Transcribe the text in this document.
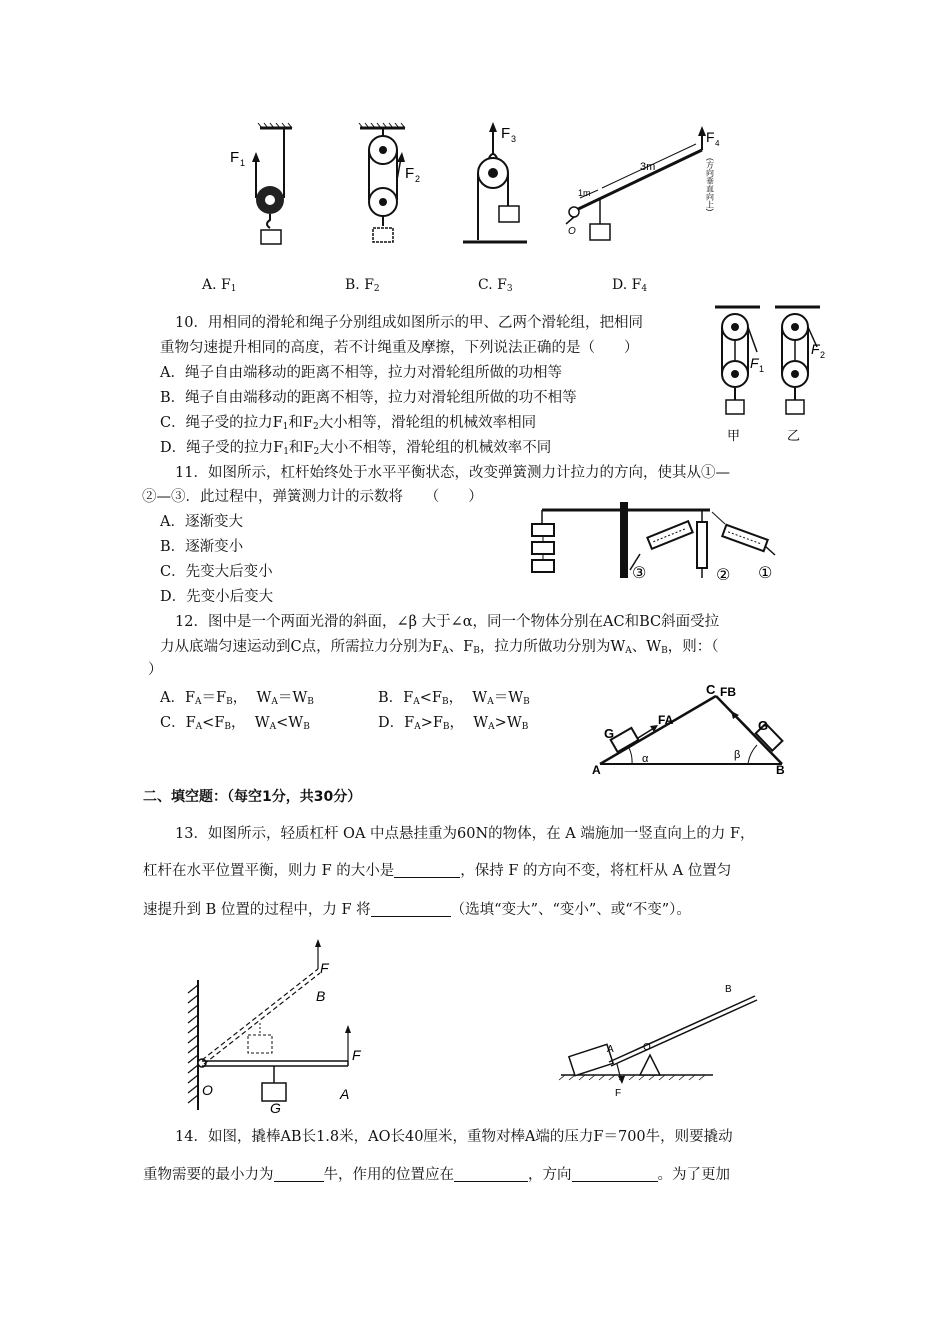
F 1
F 2
F 3	F 4
3m
1m
O
(方向垂直向上)
A. $F_1$	B. $F_2$	C. $F_3$	D. $F_4$
10．用相同的滑轮和绳子分别组成如图所示的甲、乙两个滑轮组，把相同
重物匀速提升相同的高度，若不计绳重及摩擦，下列说法正确的是（　　）
A．绳子自由端移动的距离不相等，拉力对滑轮组所做的功相等
B．绳子自由端移动的距离不相等，拉力对滑轮组所做的功不相等
C．绳子受的拉力$F_1$和$F_2$大小相等，滑轮组的机械效率相同
D．绳子受的拉力$F_1$和$F_2$大小不相等，滑轮组的机械效率不同
F 1
F 2
甲	乙
11．如图所示，杠杆始终处于水平平衡状态，改变弹簧测力计拉力的方向，使其从①—
②—③．此过程中，弹簧测力计的示数将　　（　　）
A．逐渐变大
B．逐渐变小
C．先变大后变小
D．先变小后变大
①
②
③
12．图中是一个两面光滑的斜面，∠β 大于∠α，同一个物体分别在AC和BC斜面受拉
力从底端匀速运动到C点，所需拉力分别为$F_A$、$F_B$，拉力所做功分别为$W_A$、$W_B$，则：（
）
A．$F_A=F_B$，  $W_A=W_B$	B．$F_A<F_B$，  $W_A=W_B$
C．$F_A<F_B$，  $W_A<W_B$	D．$F_A>F_B$，  $W_A>W_B$
C FB
FA
G
G
α	β
A	B
二、填空题：（每空1分，共30分）
13．如图所示，轻质杠杆 OA 中点悬挂重为60N的物体，在 A 端施加一竖直向上的力 F，
杠杆在水平位置平衡，则力 F 的大小是	，保持 F 的方向不变，将杠杆从 A 位置匀
速提升到 B 位置的过程中，力 F 将	（选填“变大”、“变小”、或“不变”）。
F
B
F
O
G
A
B
A	O
F
14．如图，撬棒AB长1.8米，AO长40厘米，重物对棒A端的压力F＝700牛，则要撬动
重物需要的最小力为	牛，作用的位置应在	，方向	。为了更加
